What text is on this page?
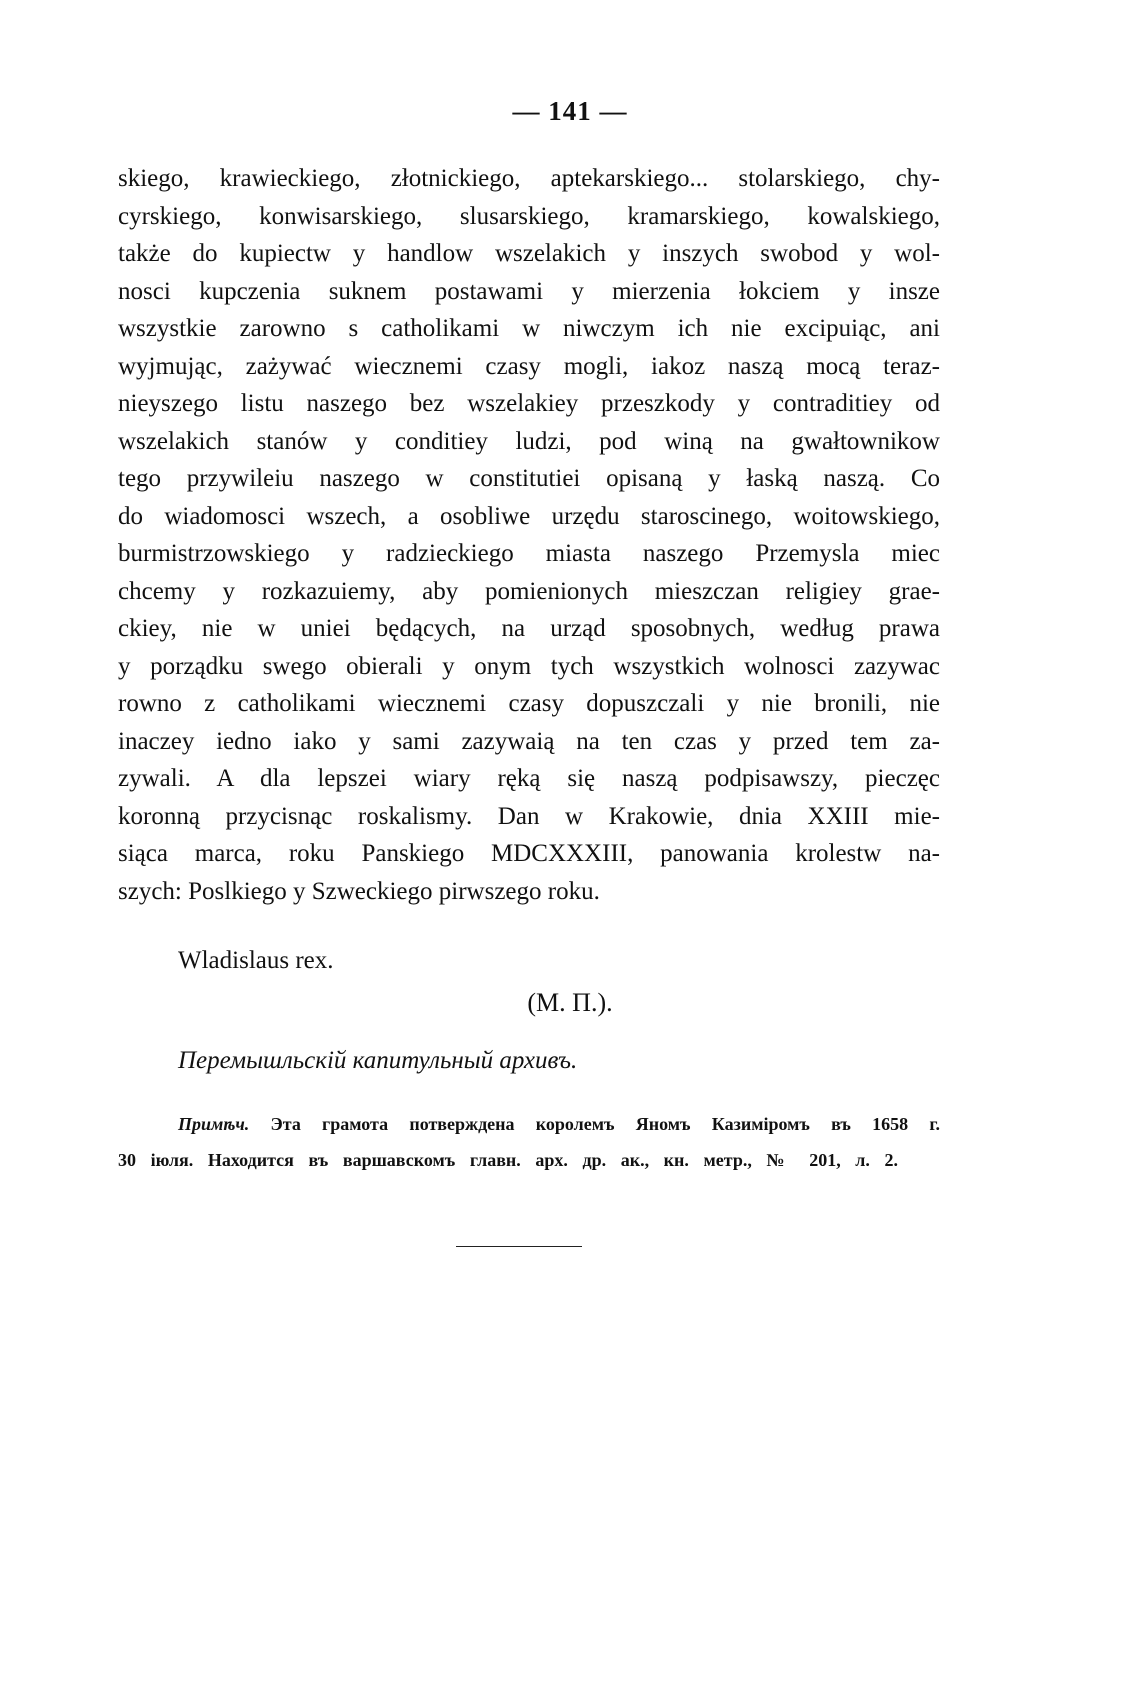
— 141 —
skiego, krawieckiego, złotnickiego, aptekarskiego... stolarskiego, chy-
cyrskiego, konwisarskiego, slusarskiego, kramarskiego, kowalskiego,
także do kupiectw y handlow wszelakich y inszych swobod y wol-
nosci kupczenia suknem postawami y mierzenia łokciem y insze
wszystkie zarowno s catholikami w niwczym ich nie excipuiąc, ani
wyjmując, zażywać wiecznemi czasy mogli, iakoz naszą mocą teraz-
nieyszego listu naszego bez wszelakiey przeszkody y contraditiey od
wszelakich stanów y conditiey ludzi, pod winą na gwałtownikow
tego przywileiu naszego w constitutiei opisaną y łaską naszą. Co
do wiadomosci wszech, a osobliwe urzędu staroscinego, woitowskiego,
burmistrzowskiego y radzieckiego miasta naszego Przemysla miec
chcemy y rozkazuiemy, aby pomienionych mieszczan religiey grae-
ckiey, nie w uniei będących, na urząd sposobnych, według prawa
y porządku swego obierali y onym tych wszystkich wolnosci zazywac
rowno z catholikami wiecznemi czasy dopuszczali y nie bronili, nie
inaczey iedno iako y sami zazywaią na ten czas y przed tem za-
zywali. A dla lepszei wiary ręką się naszą podpisawszy, pieczęc
koronną przycisnąc roskalismy. Dan w Krakowie, dnia XXIII mie-
siąca marca, roku Panskiego MDCXXXIII, panowania krolestw na-
szych: Poslkiego y Szweckiego pirwszego roku.
Wladislaus rex.
(M. П.).
Перемышльскій капитульный архивъ.
Примѣч. Эта грамота потверждена королемъ Яномъ Казиміромъ въ 1658 г.
30 іюля. Находится въ варшавскомъ главн. арх. др. ак., кн. метр., № 201, л. 2.
